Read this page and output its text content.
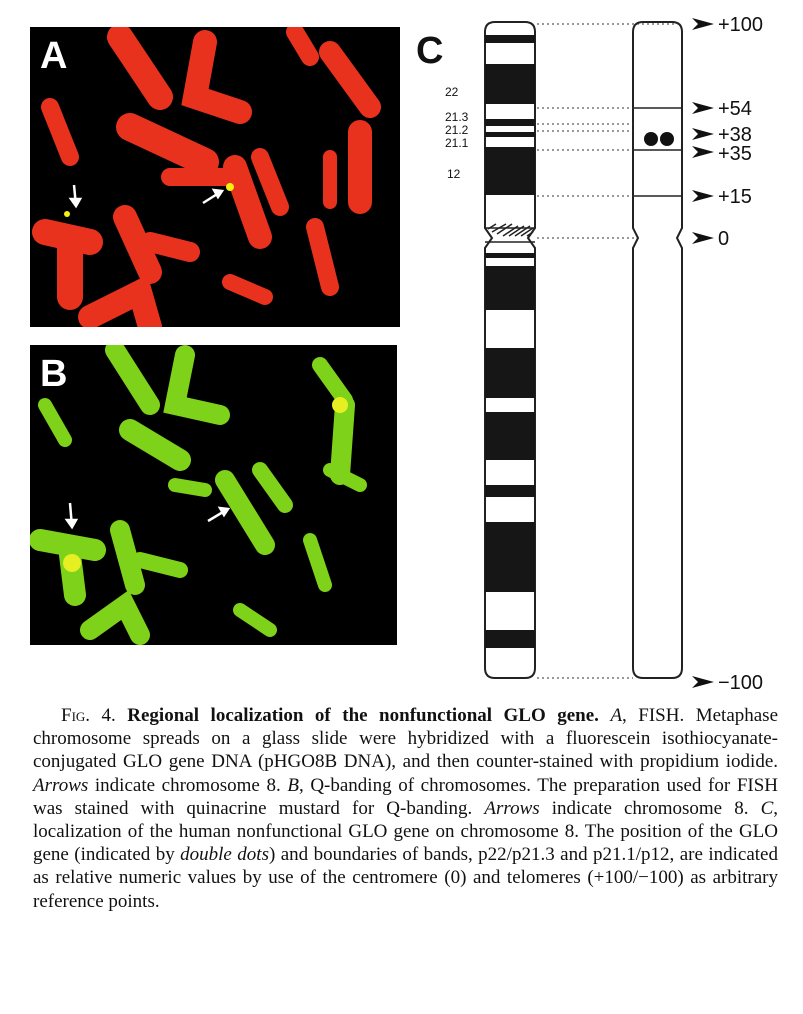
A
B
C
22
21.3
21.2
21.1
12
+100
+54
+38
+35
+15
0
−100

Fig. 4. Regional localization of the nonfunctional GLO gene. A, FISH. Metaphase chromosome spreads on a glass slide were hybridized with a fluorescein isothiocyanate-conjugated GLO gene DNA (pHGO8B DNA), and then counter-stained with propidium iodide. Arrows indicate chromosome 8. B, Q-banding of chromosomes. The preparation used for FISH was stained with quinacrine mustard for Q-banding. Arrows indicate chromosome 8. C, localization of the human nonfunctional GLO gene on chromosome 8. The position of the GLO gene (indicated by double dots) and boundaries of bands, p22/p21.3 and p21.1/p12, are indicated as relative numeric values by use of the centromere (0) and telomeres (+100/−100) as arbitrary reference points.
